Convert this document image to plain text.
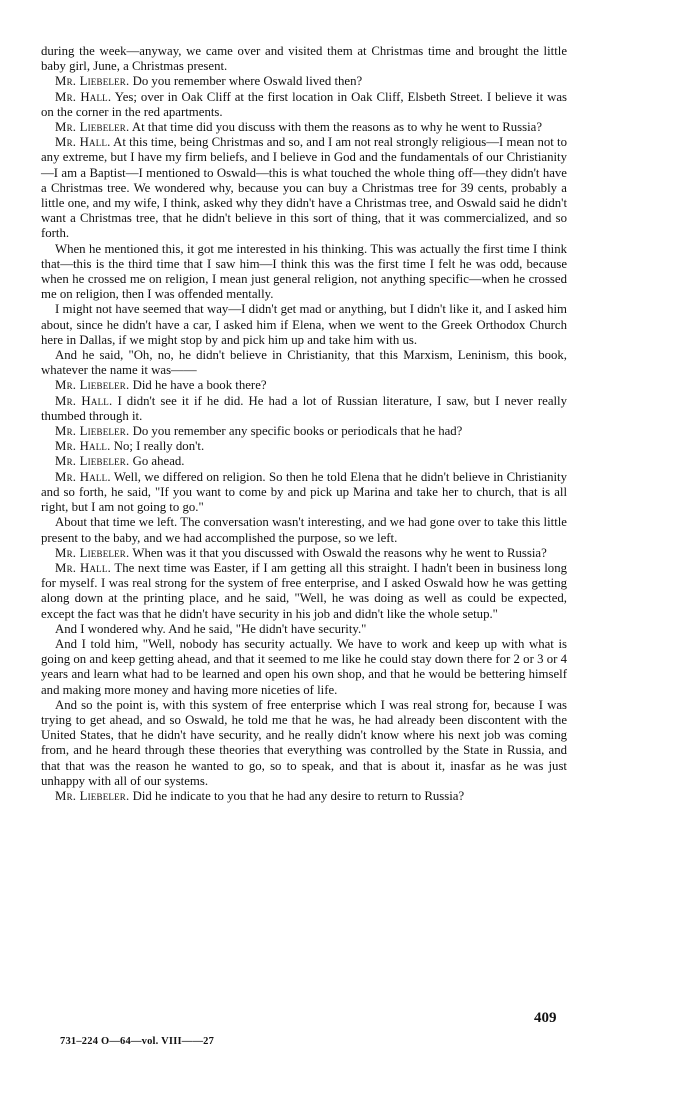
during the week—anyway, we came over and visited them at Christmas time and brought the little baby girl, June, a Christmas present.

Mr. Liebeler. Do you remember where Oswald lived then?

Mr. Hall. Yes; over in Oak Cliff at the first location in Oak Cliff, Elsbeth Street. I believe it was on the corner in the red apartments.

Mr. Liebeler. At that time did you discuss with them the reasons as to why he went to Russia?

Mr. Hall. At this time, being Christmas and so, and I am not real strongly religious—I mean not to any extreme, but I have my firm beliefs, and I believe in God and the fundamentals of our Christianity—I am a Baptist—I mentioned to Oswald—this is what touched the whole thing off—they didn't have a Christmas tree. We wondered why, because you can buy a Christmas tree for 39 cents, probably a little one, and my wife, I think, asked why they didn't have a Christmas tree, and Oswald said he didn't want a Christmas tree, that he didn't believe in this sort of thing, that it was commercialized, and so forth.

When he mentioned this, it got me interested in his thinking. This was actually the first time I think that—this is the third time that I saw him—I think this was the first time I felt he was odd, because when he crossed me on religion, I mean just general religion, not anything specific—when he crossed me on religion, then I was offended mentally.

I might not have seemed that way—I didn't get mad or anything, but I didn't like it, and I asked him about, since he didn't have a car, I asked him if Elena, when we went to the Greek Orthodox Church here in Dallas, if we might stop by and pick him up and take him with us.

And he said, "Oh, no, he didn't believe in Christianity, that this Marxism, Leninism, this book, whatever the name it was——

Mr. Liebeler. Did he have a book there?

Mr. Hall. I didn't see it if he did. He had a lot of Russian literature, I saw, but I never really thumbed through it.

Mr. Liebeler. Do you remember any specific books or periodicals that he had?

Mr. Hall. No; I really don't.

Mr. Liebeler. Go ahead.

Mr. Hall. Well, we differed on religion. So then he told Elena that he didn't believe in Christianity and so forth, he said, "If you want to come by and pick up Marina and take her to church, that is all right, but I am not going to go."

About that time we left. The conversation wasn't interesting, and we had gone over to take this little present to the baby, and we had accomplished the purpose, so we left.

Mr. Liebeler. When was it that you discussed with Oswald the reasons why he went to Russia?

Mr. Hall. The next time was Easter, if I am getting all this straight. I hadn't been in business long for myself. I was real strong for the system of free enterprise, and I asked Oswald how he was getting along down at the printing place, and he said, "Well, he was doing as well as could be expected, except the fact was that he didn't have security in his job and didn't like the whole setup."

And I wondered why. And he said, "He didn't have security."

And I told him, "Well, nobody has security actually. We have to work and keep up with what is going on and keep getting ahead, and that it seemed to me like he could stay down there for 2 or 3 or 4 years and learn what had to be learned and open his own shop, and that he would be bettering himself and making more money and having more niceties of life.

And so the point is, with this system of free enterprise which I was real strong for, because I was trying to get ahead, and so Oswald, he told me that he was, he had already been discontent with the United States, that he didn't have security, and he really didn't know where his next job was coming from, and he heard through these theories that everything was controlled by the State in Russia, and that that was the reason he wanted to go, so to speak, and that is about it, inasfar as he was just unhappy with all of our systems.

Mr. Liebeler. Did he indicate to you that he had any desire to return to Russia?

409
731–224 O—64—vol. VIII——27
